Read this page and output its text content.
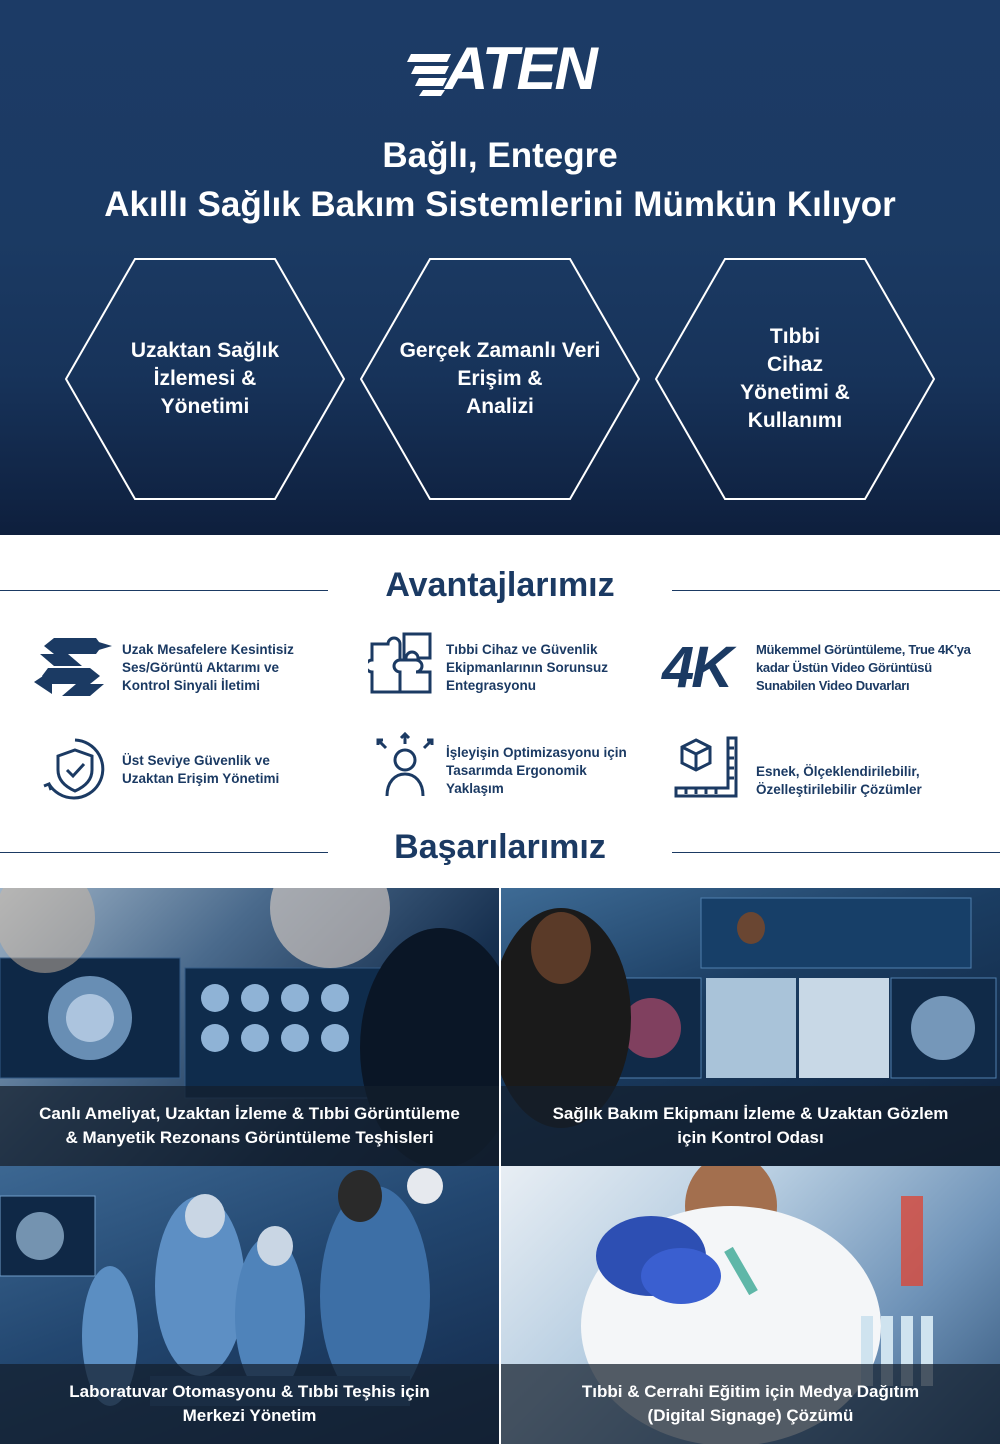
ATEN
Bağlı, Entegre
Akıllı Sağlık Bakım Sistemlerini Mümkün Kılıyor
Uzaktan Sağlık
İzlemesi &
Yönetimi
Gerçek Zamanlı Veri
Erişim &
Analizi
Tıbbi
Cihaz
Yönetimi &
Kullanımı
Avantajlarımız
Uzak Mesafelere Kesintisiz
Ses/Görüntü Aktarımı ve
Kontrol Sinyali İletimi
Tıbbi Cihaz ve Güvenlik
Ekipmanlarının Sorunsuz
Entegrasyonu	4K	Mükemmel Görüntüleme, True 4K'ya
kadar Üstün Video Görüntüsü
Sunabilen Video Duvarları
Üst Seviye Güvenlik ve
Uzaktan Erişim Yönetimi
İşleyişin Optimizasyonu için
Tasarımda Ergonomik
Yaklaşım
Esnek, Ölçeklendirilebilir,
Özelleştirilebilir Çözümler
Başarılarımız
Canlı Ameliyat, Uzaktan İzleme & Tıbbi Görüntüleme
& Manyetik Rezonans Görüntüleme Teşhisleri
Sağlık Bakım Ekipmanı İzleme & Uzaktan Gözlem
için Kontrol Odası
Laboratuvar Otomasyonu & Tıbbi Teşhis için
Merkezi Yönetim
Tıbbi & Cerrahi Eğitim için Medya Dağıtım
(Digital Signage) Çözümü
